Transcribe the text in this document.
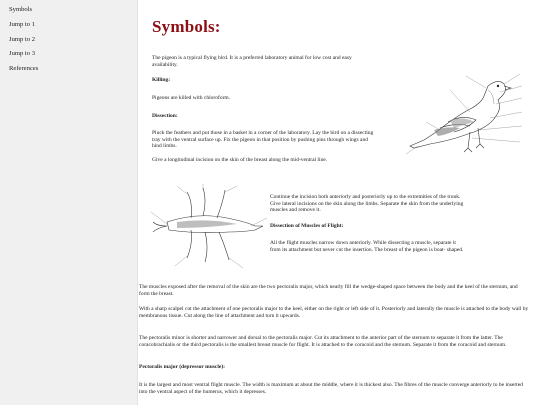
Symbols
Jump to 1
Jump to 2
Jump to 3
References
Symbols:

The pigeon is a typical flying bird. It is a preferred laboratory animal for low cost and easy availability.

Killing:

Pigeons are killed with chloroform.

Dissection:

Pluck the feathers and put those in a basket in a corner of the laboratory. Lay the bird on a dissecting tray with the ventral surface up. Fix the pigeon in that position by pushing pins through wings and hind limbs.

Give a longitudinal incision on the skin of the breast along the mid-ventral line.

Continue the incision both anteriorly and posteriorly up to the extremities of the trunk. Give lateral incisions on the skin along the limbs. Separate the skin from the underlying muscles and remove it.

Dissection of Muscles of Flight:

All the flight muscles narrow down anteriorly. While dissecting a muscle, separate it from its attachment but never cut the insertion. The breast of the pigeon is boat- shaped.

The muscles exposed after the removal of the skin are the two pectoralis major, which nearly fill the wedge-shaped space between the body and the keel of the sternum, and form the breast.

With a sharp scalpel cut the attachment of one pectoralis major to the keel, either on the right or left side of it. Posteriorly and laterally the muscle is attached to the body wall by membranous tissue. Cut along the line of attachment and turn it upwards.

The pectoralis minor is shorter and narrower and dorsal to the pectoralis major. Cut its attachment to the anterior part of the sternum to separate it from the latter. The coracobrachialis or the third pectoralis is the smallest breast muscle for flight. It is attached to the coracoid and the sternum. Separate it from the coracoid and sternum.

Pectoralis major (depressor muscle):

It is the largest and most ventral flight muscle. The width is maximum at about the middle, where it is thickest also. The fibres of the muscle converge anteriorly to be inserted into the ventral aspect of the humerus, which it depresses.
